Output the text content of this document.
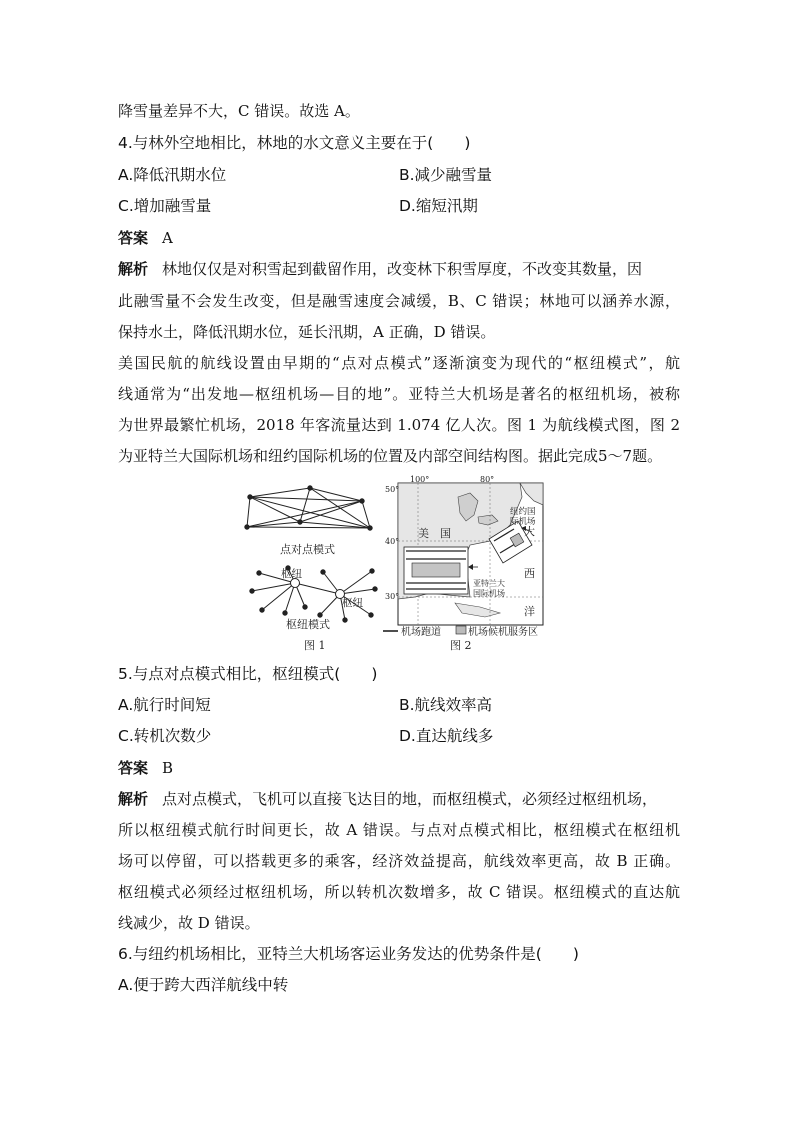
降雪量差异不大，C 错误。故选 A。
4.与林外空地相比，林地的水文意义主要在于(　　)
A.降低汛期水位	B.减少融雪量
C.增加融雪量	D.缩短汛期
答案 A
解析 林地仅仅是对积雪起到截留作用，改变林下积雪厚度，不改变其数量，因
此融雪量不会发生改变，但是融雪速度会减缓，B、C 错误；林地可以涵养水源，
保持水土，降低汛期水位，延长汛期，A 正确，D 错误。
美国民航的航线设置由早期的“点对点模式”逐渐演变为现代的“枢纽模式”，航
线通常为“出发地—枢纽机场—目的地”。亚特兰大机场是著名的枢纽机场，被称
为世界最繁忙机场，2018 年客流量达到 1.074 亿人次。图 1 为航线模式图，图 2
为亚特兰大国际机场和纽约国际机场的位置及内部空间结构图。据此完成5～7题。
点对点模式
枢纽
枢纽
枢纽模式
图 1
100°	80°
50°
40°
30°
美　国
纽约国
际机场
亚特兰大
国际机场
大
西
洋
机场跑道	机场候机服务区
图 2
5.与点对点模式相比，枢纽模式(　　)
A.航行时间短	B.航线效率高
C.转机次数少	D.直达航线多
答案 B
解析 点对点模式，飞机可以直接飞达目的地，而枢纽模式，必须经过枢纽机场，
所以枢纽模式航行时间更长，故 A 错误。与点对点模式相比，枢纽模式在枢纽机
场可以停留，可以搭载更多的乘客，经济效益提高，航线效率更高，故 B 正确。
枢纽模式必须经过枢纽机场，所以转机次数增多，故 C 错误。枢纽模式的直达航
线减少，故 D 错误。
6.与纽约机场相比，亚特兰大机场客运业务发达的优势条件是(　　)
A.便于跨大西洋航线中转
